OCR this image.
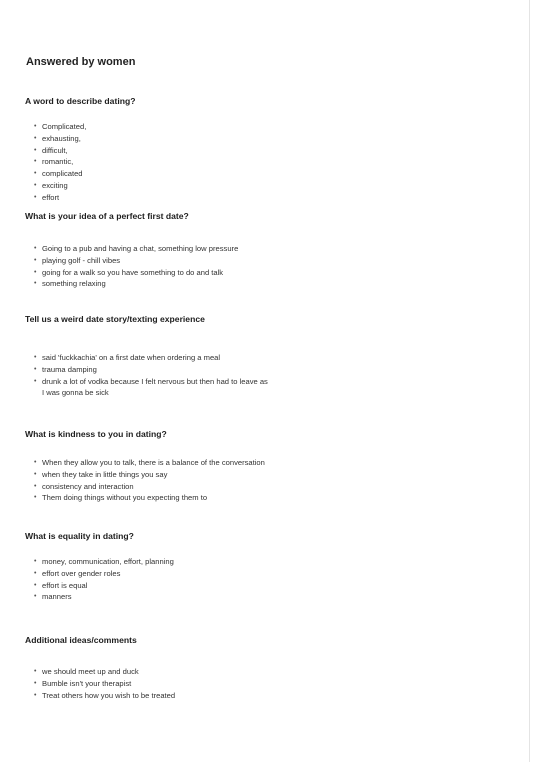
Answered by women
A word to describe dating?
• Complicated,
• exhausting,
• difficult,
• romantic,
• complicated
• exciting
• effort
What is your idea of a perfect first date?
• Going to a pub and having a chat, something low pressure
• playing golf - chill vibes
• going for a walk so you have something to do and talk
• something relaxing
Tell us a weird date story/texting experience
• said 'fuckkachia' on a first date when ordering a meal
• trauma damping
• drunk a lot of vodka because I felt nervous but then had to leave as I was gonna be sick
What is kindness to you in dating?
• When they allow you to talk, there is a balance of the conversation
• when they take in little things you say
• consistency and interaction
• Them doing things without you expecting them to
What is equality in dating?
• money, communication, effort, planning
• effort over gender roles
• effort is equal
• manners
Additional ideas/comments
• we should meet up and duck
• Bumble isn't your therapist
• Treat others how you wish to be treated
